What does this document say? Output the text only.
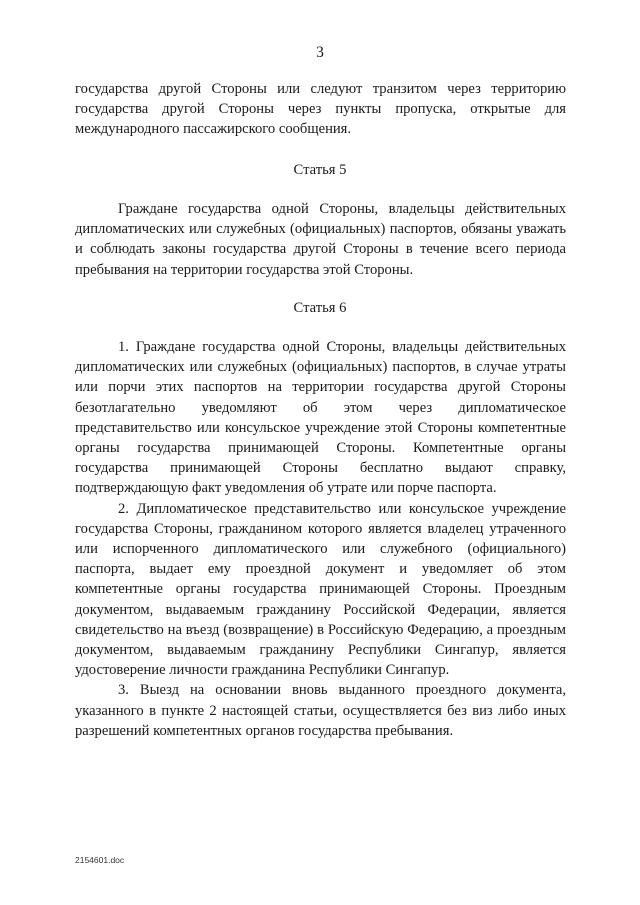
3

государства другой Стороны или следуют транзитом через территорию государства другой Стороны через пункты пропуска, открытые для международного пассажирского сообщения.

Статья 5

Граждане государства одной Стороны, владельцы действительных дипломатических или служебных (официальных) паспортов, обязаны уважать и соблюдать законы государства другой Стороны в течение всего периода пребывания на территории государства этой Стороны.

Статья 6

1. Граждане государства одной Стороны, владельцы действительных дипломатических или служебных (официальных) паспортов, в случае утраты или порчи этих паспортов на территории государства другой Стороны безотлагательно уведомляют об этом через дипломатическое представительство или консульское учреждение этой Стороны компетентные органы государства принимающей Стороны. Компетентные органы государства принимающей Стороны бесплатно выдают справку, подтверждающую факт уведомления об утрате или порче паспорта.

2. Дипломатическое представительство или консульское учреждение государства Стороны, гражданином которого является владелец утраченного или испорченного дипломатического или служебного (официального) паспорта, выдает ему проездной документ и уведомляет об этом компетентные органы государства принимающей Стороны. Проездным документом, выдаваемым гражданину Российской Федерации, является свидетельство на въезд (возвращение) в Российскую Федерацию, а проездным документом, выдаваемым гражданину Республики Сингапур, является удостоверение личности гражданина Республики Сингапур.

3. Выезд на основании вновь выданного проездного документа, указанного в пункте 2 настоящей статьи, осуществляется без виз либо иных разрешений компетентных органов государства пребывания.

2154601.doc
